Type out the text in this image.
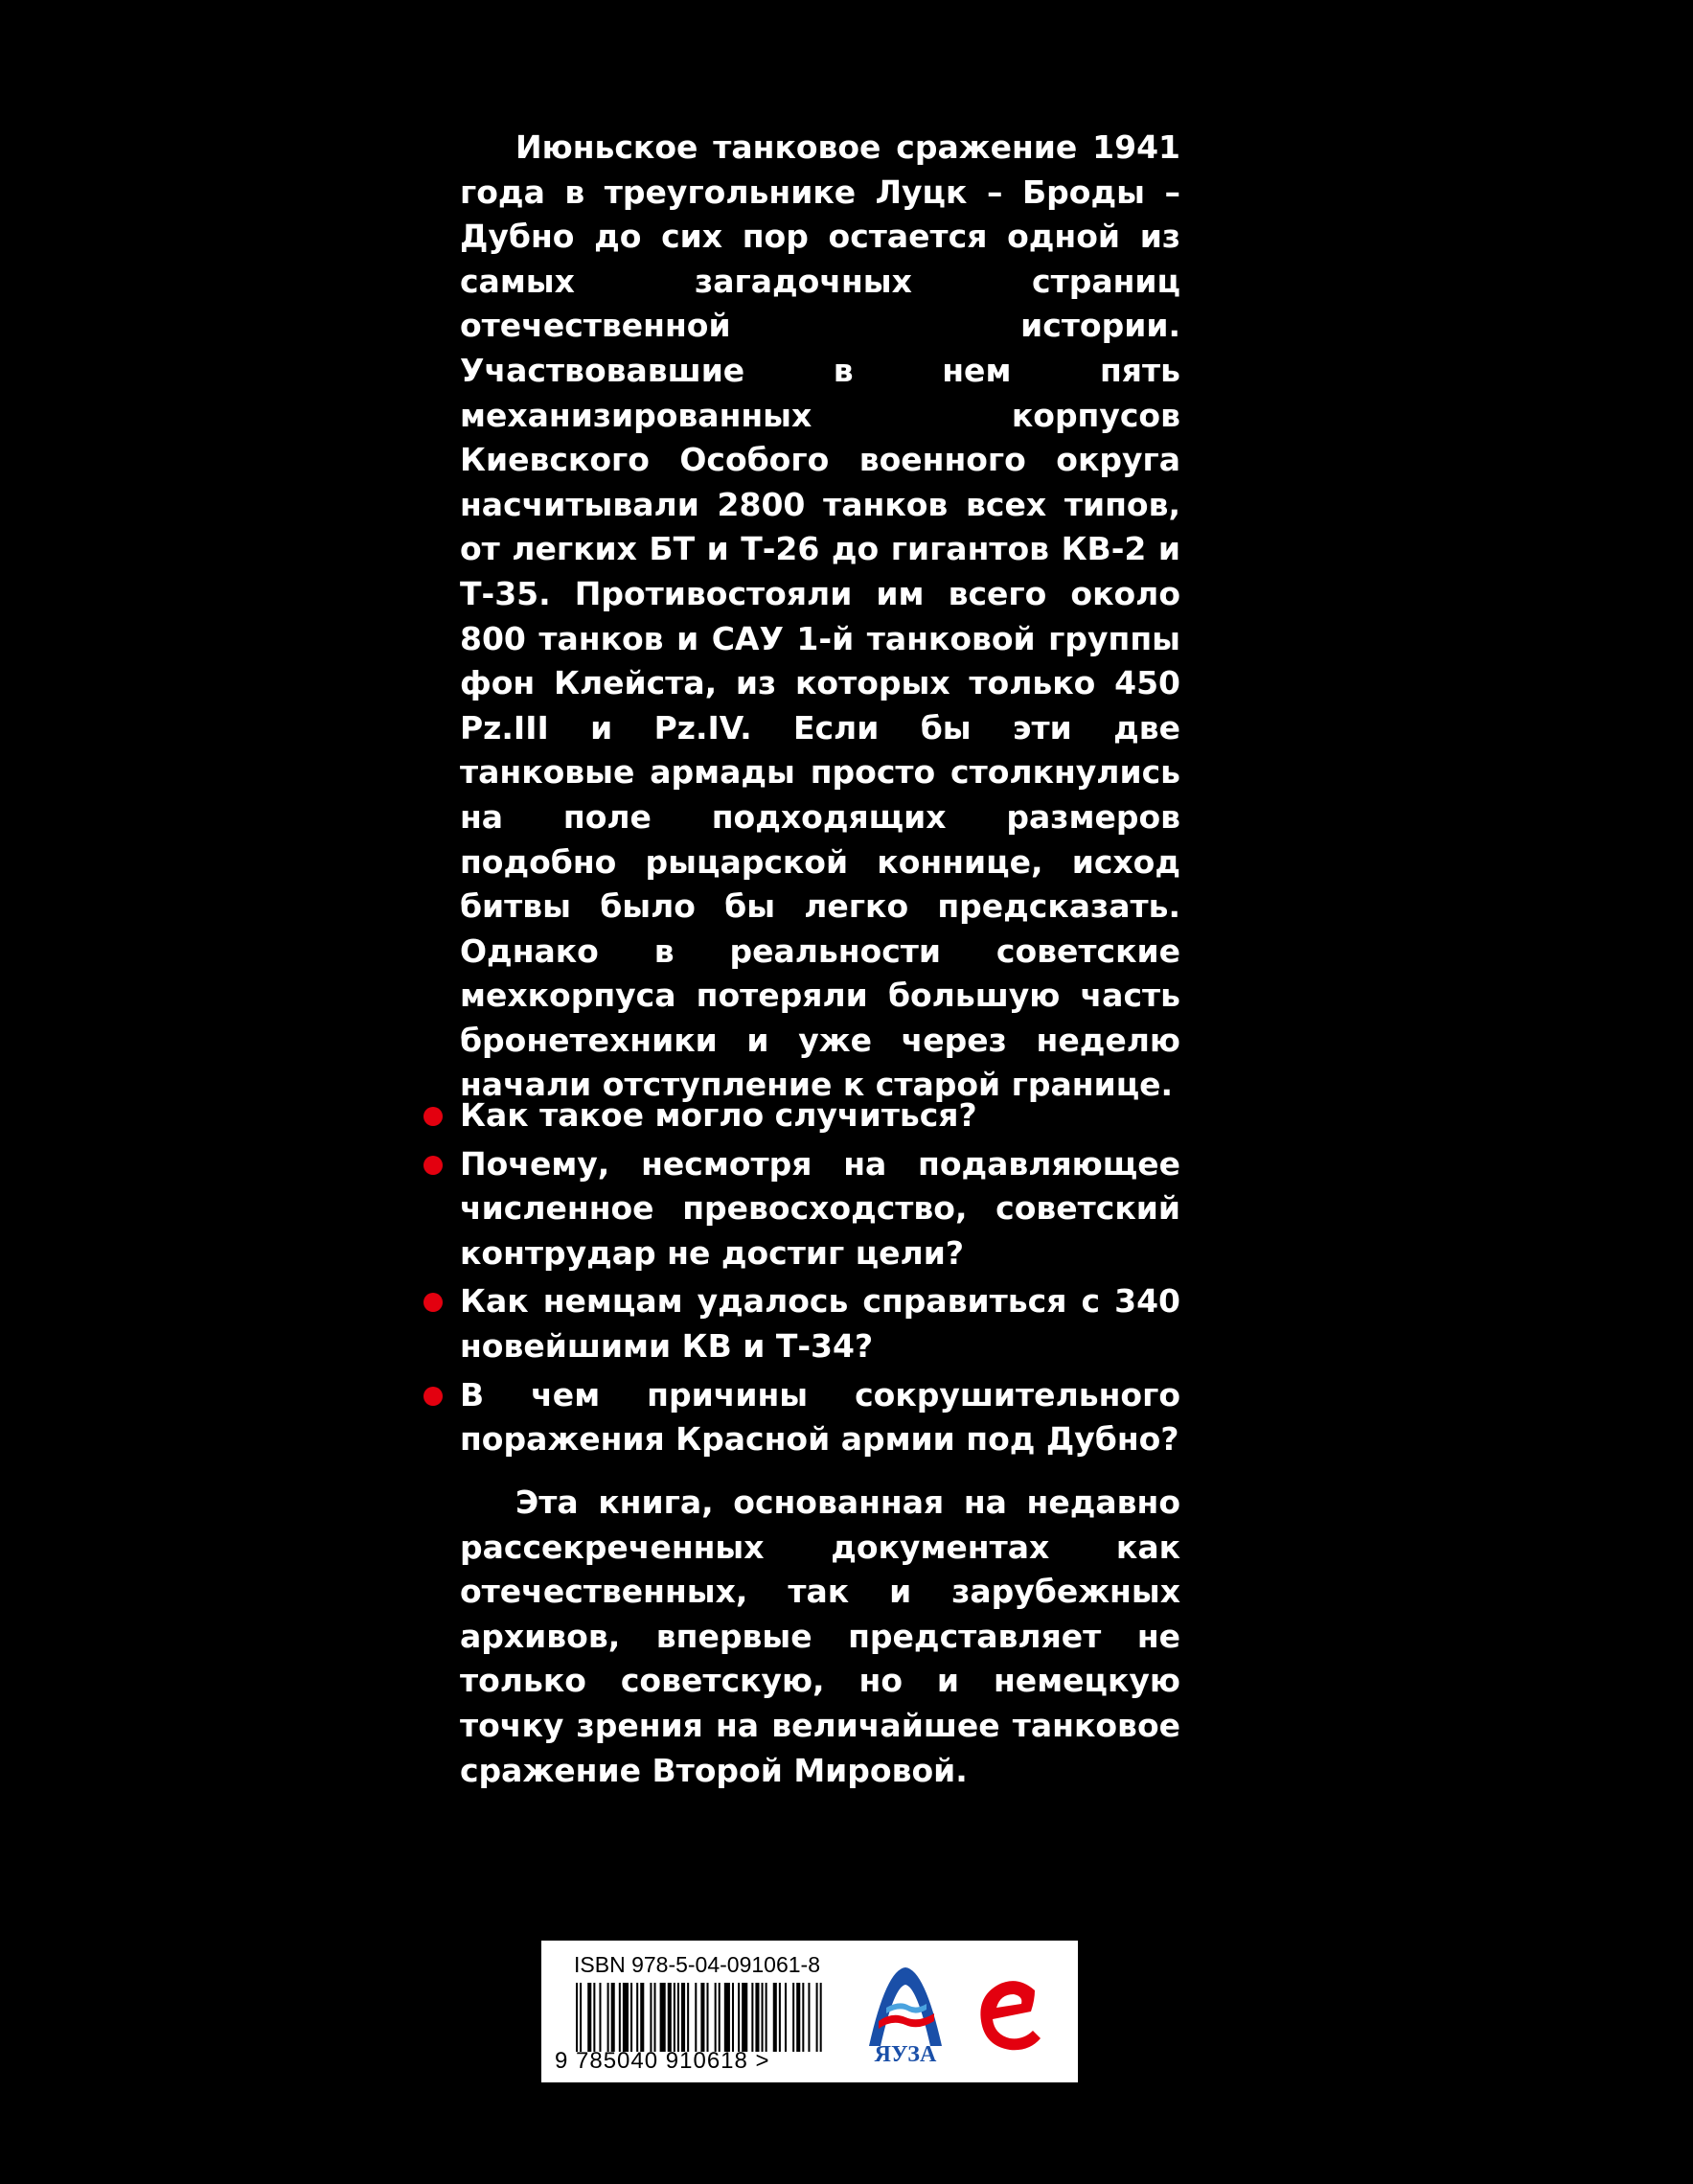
Июньское танковое сражение 1941 года в треугольнике Луцк – Броды – Дубно до сих пор остается одной из самых загадочных страниц отечественной истории. Участвовавшие в нем пять механизированных корпусов Киевского Особого военного округа насчитывали 2800 танков всех типов, от легких БТ и Т-26 до гигантов КВ-2 и Т-35. Противостояли им всего около 800 танков и САУ 1-й танковой группы фон Клейста, из которых только 450 Pz.III и Pz.IV. Если бы эти две танковые армады просто столкнулись на поле подходящих размеров подобно рыцарской коннице, исход битвы было бы легко предсказать. Однако в реальности советские мехкорпуса потеряли большую часть бронетехники и уже через неделю начали отступление к старой границе.

Как такое могло случиться?
Почему, несмотря на подавляющее численное превосходство, советский контрудар не достиг цели?
Как немцам удалось справиться с 340 новейшими КВ и Т-34?
В чем причины сокрушительного поражения Красной армии под Дубно?

Эта книга, основанная на недавно рассекреченных документах как отечественных, так и зарубежных архивов, впервые представляет не только советскую, но и немецкую точку зрения на величайшее танковое сражение Второй Мировой.

ISBN 978-5-04-091061-8
9 785040 910618 >	ЯУЗА
